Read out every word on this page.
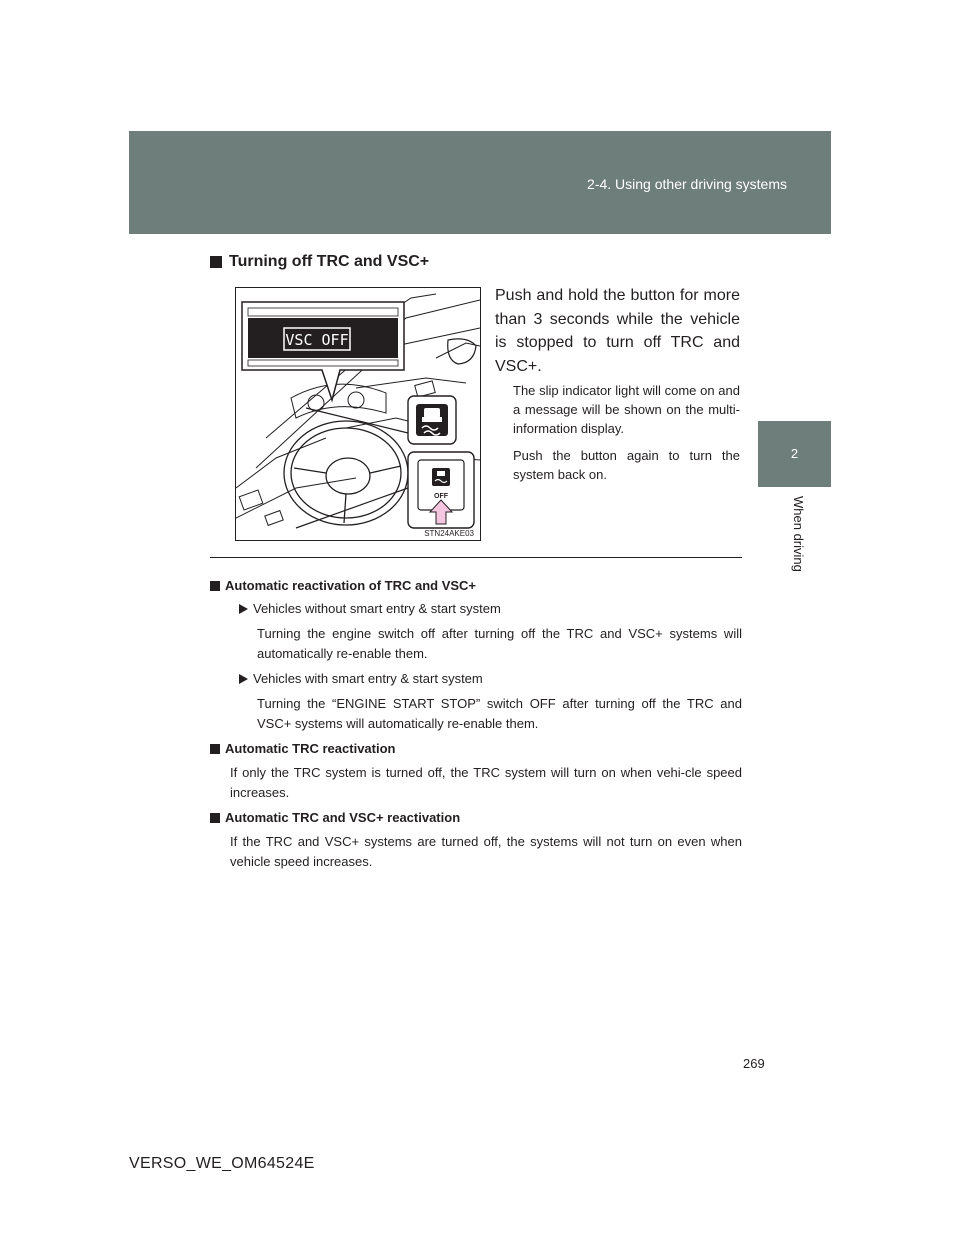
2-4. Using other driving systems
2
When driving
Turning off TRC and VSC+
VSC OFF
OFF
STN24AKE03
Push and hold the button for more than 3 seconds while the vehicle is stopped to turn off TRC and VSC+.
The slip indicator light will come on and a message will be shown on the multi-information display.
Push the button again to turn the system back on.
Automatic reactivation of TRC and VSC+
Vehicles without smart entry & start system
Turning the engine switch off after turning off the TRC and VSC+ systems will automatically re-enable them.
Vehicles with smart entry & start system
Turning the “ENGINE START STOP” switch OFF after turning off the TRC and VSC+ systems will automatically re-enable them.
Automatic TRC reactivation
If only the TRC system is turned off, the TRC system will turn on when vehi-cle speed increases.
Automatic TRC and VSC+ reactivation
If the TRC and VSC+ systems are turned off, the systems will not turn on even when vehicle speed increases.
269
VERSO_WE_OM64524E
